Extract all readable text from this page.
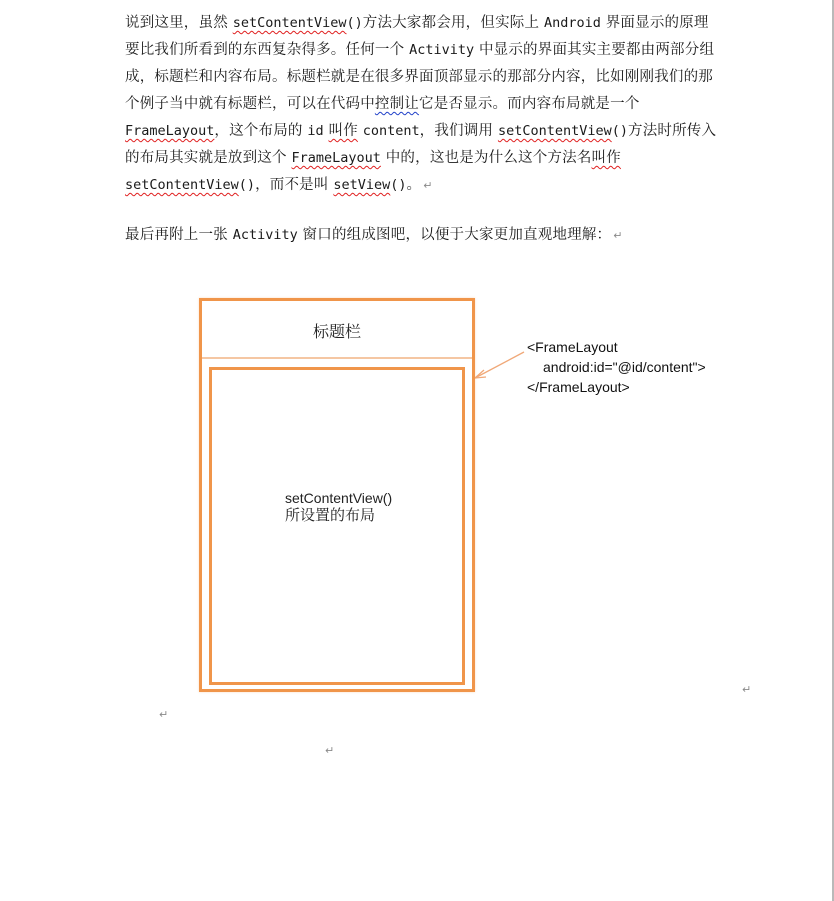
说到这里，虽然 setContentView()方法大家都会用，但实际上 Android 界面显示的原理
要比我们所看到的东西复杂得多。任何一个 Activity 中显示的界面其实主要都由两部分组
成，标题栏和内容布局。标题栏就是在很多界面顶部显示的那部分内容，比如刚刚我们的那
个例子当中就有标题栏，可以在代码中控制让它是否显示。而内容布局就是一个
FrameLayout，这个布局的 id 叫作 content，我们调用 setContentView()方法时所传入
的布局其实就是放到这个 FrameLayout 中的，这也是为什么这个方法名叫作
setContentView()，而不是叫 setView()。 ↵
最后再附上一张 Activity 窗口的组成图吧，以便于大家更加直观地理解： ↵
标题栏
setContentView()
所设置的布局
<FrameLayout
android:id="@id/content">
</FrameLayout>
↵
↵
↵
